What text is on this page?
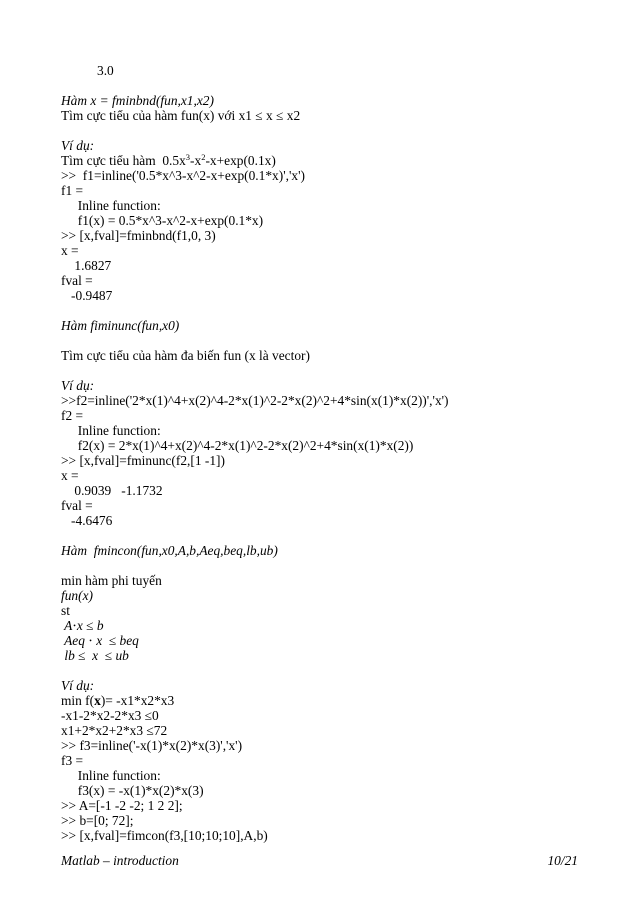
3.0
Hàm x = fminbnd(fun,x1,x2)
Tìm cực tiểu của hàm fun(x) với x1 ≤ x ≤ x2
Ví dụ:
Tìm cực tiểu hàm  $0.5x^3-x^2-x+\exp(0.1x)$
>>  f1=inline('0.5*x^3-x^2-x+exp(0.1*x)','x')
f1 =
Inline function:
f1(x) = 0.5*x^3-x^2-x+exp(0.1*x)
>> [x,fval]=fminbnd(f1,0, 3)
x =
1.6827
fval =
-0.9487
Hàm fiminunc(fun,x0)
Tìm cực tiểu của hàm đa biến fun (x là vector)
Ví dụ:
>>f2=inline('2*x(1)^4+x(2)^4-2*x(1)^2-2*x(2)^2+4*sin(x(1)*x(2))','x')
f2 =
Inline function:
f2(x) = 2*x(1)^4+x(2)^4-2*x(1)^2-2*x(2)^2+4*sin(x(1)*x(2))
>> [x,fval]=fminunc(f2,[1 -1])
x =
0.9039   -1.1732
fval =
-4.6476
Hàm  fmincon(fun,x0,A,b,Aeq,beq,lb,ub)
min hàm phi tuyến
fun(x)
st
A⋅x ≤ b
Aeq ⋅ x  ≤ beq
lb ≤  x  ≤ ub
Ví dụ:
min f(x)= -x1*x2*x3
-x1-2*x2-2*x3 ≤0
x1+2*x2+2*x3 ≤72
>> f3=inline('-x(1)*x(2)*x(3)','x')
f3 =
Inline function:
f3(x) = -x(1)*x(2)*x(3)
>> A=[-1 -2 -2; 1 2 2];
>> b=[0; 72];
>> [x,fval]=fimcon(f3,[10;10;10],A,b)
Matlab – introduction	10/21
